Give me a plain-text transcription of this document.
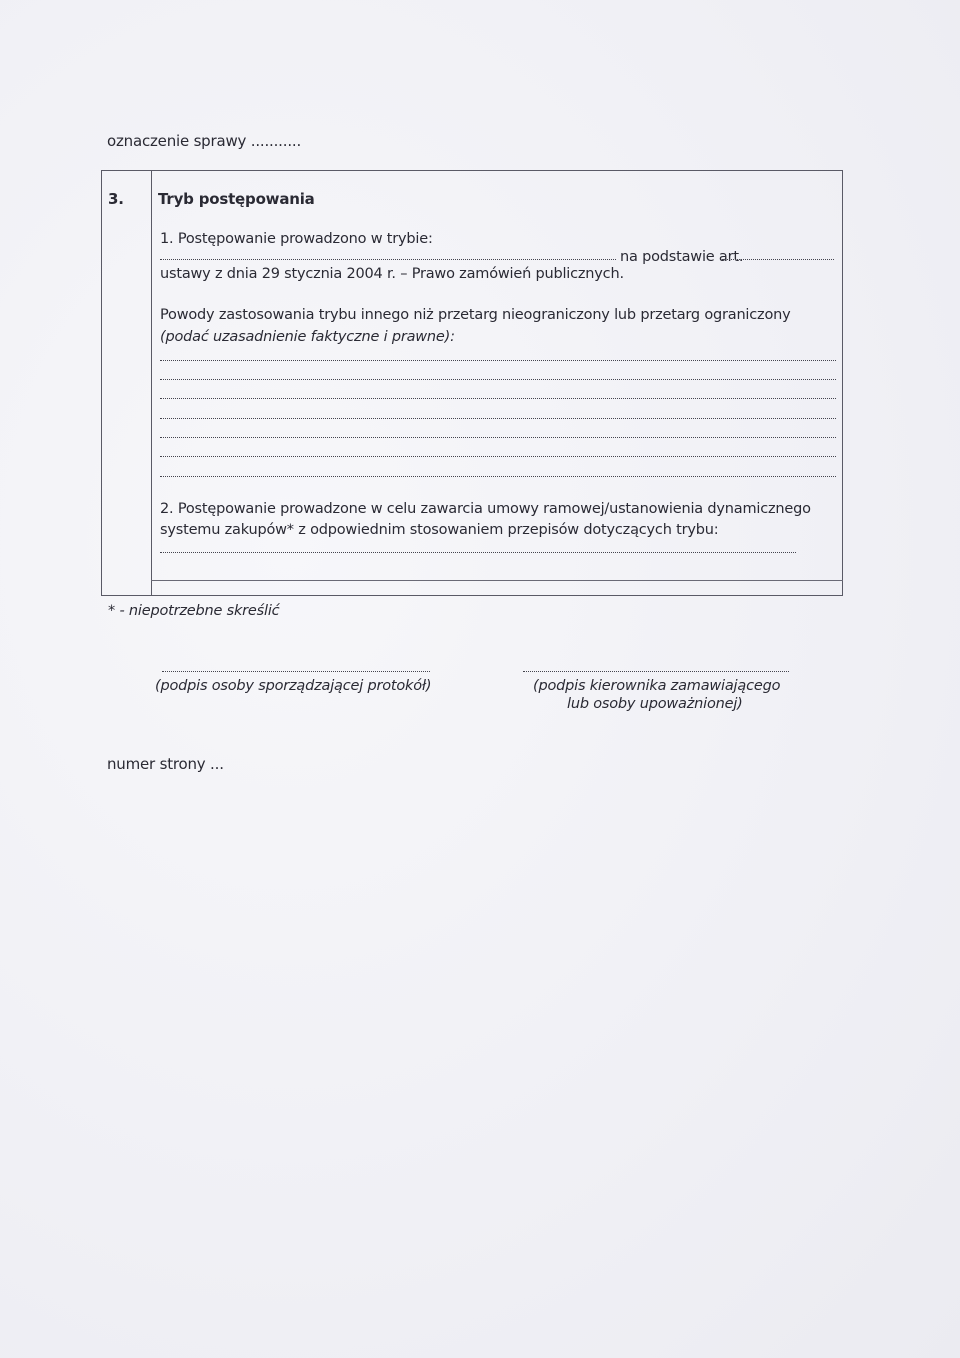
oznaczenie sprawy ...........
3. Tryb postępowania
1. Postępowanie prowadzono w trybie:
na podstawie art.
ustawy z dnia 29 stycznia 2004 r. – Prawo zamówień publicznych.
Powody zastosowania trybu innego niż przetarg nieograniczony lub przetarg ograniczony
(podać uzasadnienie faktyczne i prawne):
2. Postępowanie prowadzone w celu zawarcia umowy ramowej/ustanowienia dynamicznego
systemu zakupów* z odpowiednim stosowaniem przepisów dotyczących trybu:
* - niepotrzebne skreślić
(podpis osoby sporządzającej protokół)	(podpis kierownika zamawiającego
lub osoby upoważnionej)
numer strony ...
